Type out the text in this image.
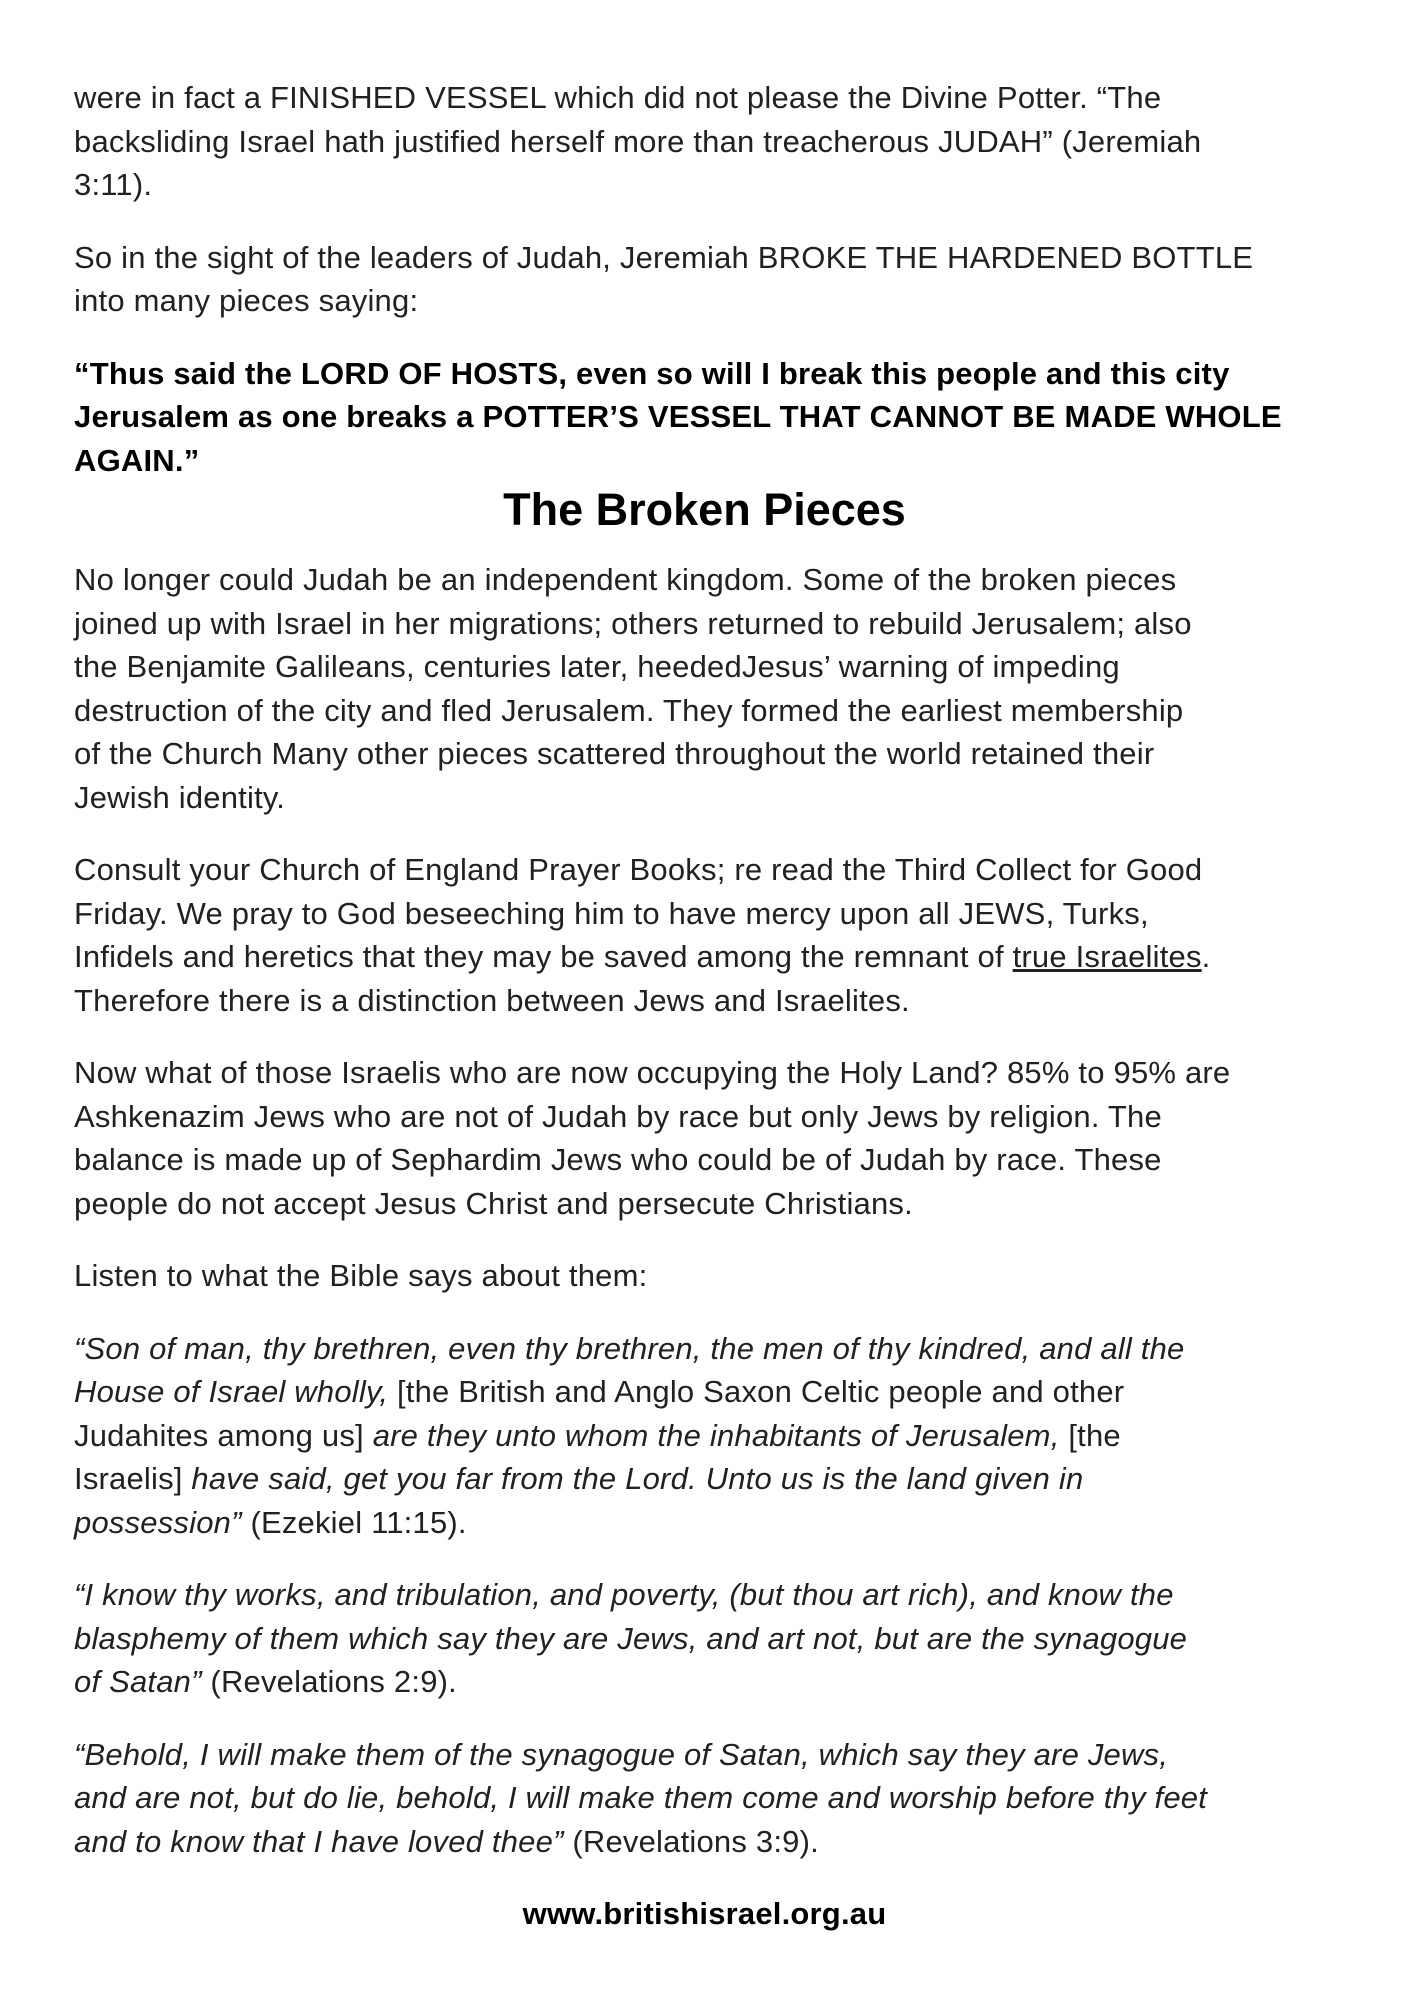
were in fact a FINISHED VESSEL which did not please the Divine Potter. “The
backsliding Israel hath justified herself more than treacherous JUDAH” (Jeremiah
3:11).

So in the sight of the leaders of Judah, Jeremiah BROKE THE HARDENED BOTTLE
into many pieces saying:

“Thus said the LORD OF HOSTS, even so will I break this people and this city
Jerusalem as one breaks a POTTER’S VESSEL THAT CANNOT BE MADE WHOLE
AGAIN.”

The Broken Pieces

No longer could Judah be an independent kingdom. Some of the broken pieces
joined up with Israel in her migrations; others returned to rebuild Jerusalem; also
the Benjamite Galileans, centuries later, heededJesus’ warning of impeding
destruction of the city and fled Jerusalem. They formed the earliest membership
of the Church Many other pieces scattered throughout the world retained their
Jewish identity.

Consult your Church of England Prayer Books; re read the Third Collect for Good
Friday. We pray to God beseeching him to have mercy upon all JEWS, Turks,
Infidels and heretics that they may be saved among the remnant of true Israelites.
Therefore there is a distinction between Jews and Israelites.

Now what of those Israelis who are now occupying the Holy Land? 85% to 95% are
Ashkenazim Jews who are not of Judah by race but only Jews by religion. The
balance is made up of Sephardim Jews who could be of Judah by race. These
people do not accept Jesus Christ and persecute Christians.

Listen to what the Bible says about them:

“Son of man, thy brethren, even thy brethren, the men of thy kindred, and all the
House of Israel wholly, [the British and Anglo Saxon Celtic people and other
Judahites among us] are they unto whom the inhabitants of Jerusalem, [the
Israelis] have said, get you far from the Lord. Unto us is the land given in
possession” (Ezekiel 11:15).

“I know thy works, and tribulation, and poverty, (but thou art rich), and know the
blasphemy of them which say they are Jews, and art not, but are the synagogue
of Satan” (Revelations 2:9).

“Behold, I will make them of the synagogue of Satan, which say they are Jews,
and are not, but do lie, behold, I will make them come and worship before thy feet
and to know that I have loved thee” (Revelations 3:9).

www.britishisrael.org.au
